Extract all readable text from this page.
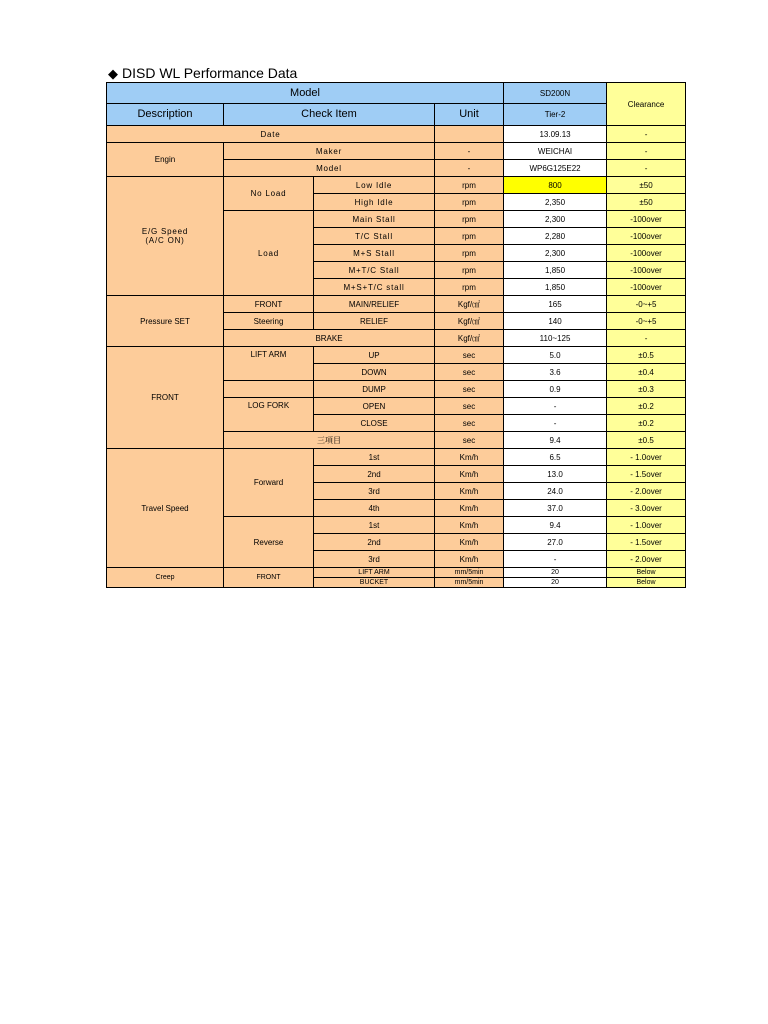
◆ DISD WL Performance Data
Model				SD200N	Clearance
Description	Check Item		Unit	Tier-2	
Date				13.09.13	-
Engin	Maker		-	WEICHAI	-
	Model		-	WP6G125E22	-
E/G Speed
(A/C ON)	No Load	Low Idle	rpm	800	±50
		High Idle	rpm	2,350	±50
	Load	Main Stall	rpm	2,300	-100over
		T/C Stall	rpm	2,280	-100over
		M+S Stall	rpm	2,300	-100over
		M+T/C Stall	rpm	1,850	-100over
		M+S+T/C stall	rpm	1,850	-100over
Pressure SET	FRONT	MAIN/RELIEF	Kgf/㎠	165	-0~+5
	Steering	RELIEF	Kgf/㎠	140	-0~+5
	BRAKE		Kgf/㎠	110~125	-
FRONT	LIFT ARM	UP	sec	5.0	±0.5
		DOWN	sec	3.6	±0.4
		DUMP	sec	0.9	±0.3
	LOG FORK	OPEN	sec	-	±0.2
		CLOSE	sec	-	±0.2
	三項目		sec	9.4	±0.5
Travel Speed	Forward	1st	Km/h	6.5	- 1.0over
		2nd	Km/h	13.0	- 1.5over
		3rd	Km/h	24.0	- 2.0over
		4th	Km/h	37.0	- 3.0over
	Reverse	1st	Km/h	9.4	- 1.0over
		2nd	Km/h	27.0	- 1.5over
		3rd	Km/h	-	- 2.0over
Creep	FRONT	LIFT ARM	mm/5min	20	Below
		BUCKET	mm/5min	20	Below
